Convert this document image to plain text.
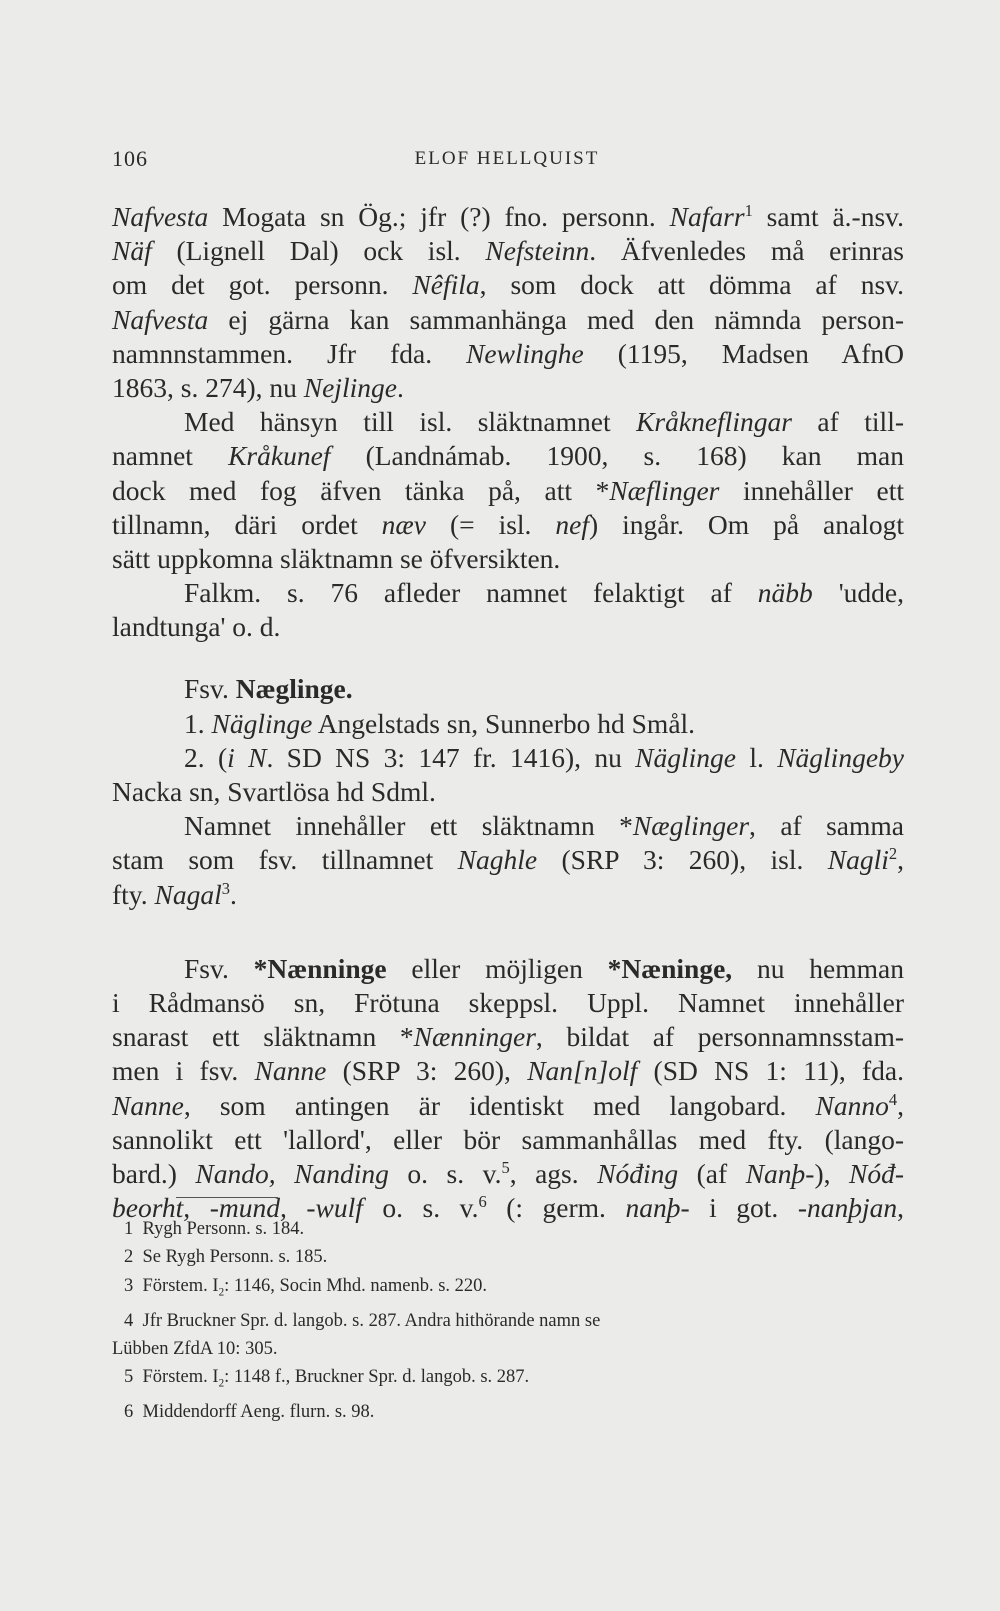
106	ELOF HELLQUIST
Nafvesta Mogata sn Ög.; jfr (?) fno. personn. Nafarr$^1$ samt ä.-nsv.
Näf (Lignell Dal) ock isl. Nefsteinn. Äfvenledes må erinras
om det got. personn. Nêfila, som dock att dömma af nsv.
Nafvesta ej gärna kan sammanhänga med den nämnda person-
namnnstammen. Jfr fda. Newlinghe (1195, Madsen AfnO
1863, s. 274), nu Nejlinge.
Med hänsyn till isl. släktnamnet Kråkneflingar af till-
namnet Kråkunef (Landnámab. 1900, s. 168) kan man
dock med fog äfven tänka på, att *Næflinger innehåller ett
tillnamn, däri ordet næv (= isl. nef) ingår. Om på analogt
sätt uppkomna släktnamn se öfversikten.
Falkm. s. 76 afleder namnet felaktigt af näbb 'udde,
landtunga' o. d.
Fsv. Næglinge.
1. Näglinge Angelstads sn, Sunnerbo hd Smål.
2. (i N. SD NS 3: 147 fr. 1416), nu Näglinge l. Näglingeby
Nacka sn, Svartlösa hd Sdml.
Namnet innehåller ett släktnamn *Næglinger, af samma
stam som fsv. tillnamnet Naghle (SRP 3: 260), isl. Nagli$^2$,
fty. Nagal$^3$.
Fsv. *Nænninge eller möjligen *Næninge, nu hemman
i Rådmansö sn, Frötuna skeppsl. Uppl. Namnet innehåller
snarast ett släktnamn *Nænninger, bildat af personnamnsstam-
men i fsv. Nanne (SRP 3: 260), Nan[n]olf (SD NS 1: 11), fda.
Nanne, som antingen är identiskt med langobard. Nanno$^4$,
sannolikt ett 'lallord', eller bör sammanhållas med fty. (lango-
bard.) Nando, Nanding o. s. v.$^5$, ags. Nóđing (af Nanþ-), Nóđ-
beorht, -mund, -wulf o. s. v.$^6$ (: germ. nanþ- i got. -nanþjan,
1 Rygh Personn. s. 184.
2 Se Rygh Personn. s. 185.
3 Förstem. $I_2$: 1146, Socin Mhd. namenb. s. 220.
4 Jfr Bruckner Spr. d. langob. s. 287. Andra hithörande namn se
Lübben ZfdA 10: 305.
5 Förstem. $I_2$: 1148 f., Bruckner Spr. d. langob. s. 287.
6 Middendorff Aeng. flurn. s. 98.
